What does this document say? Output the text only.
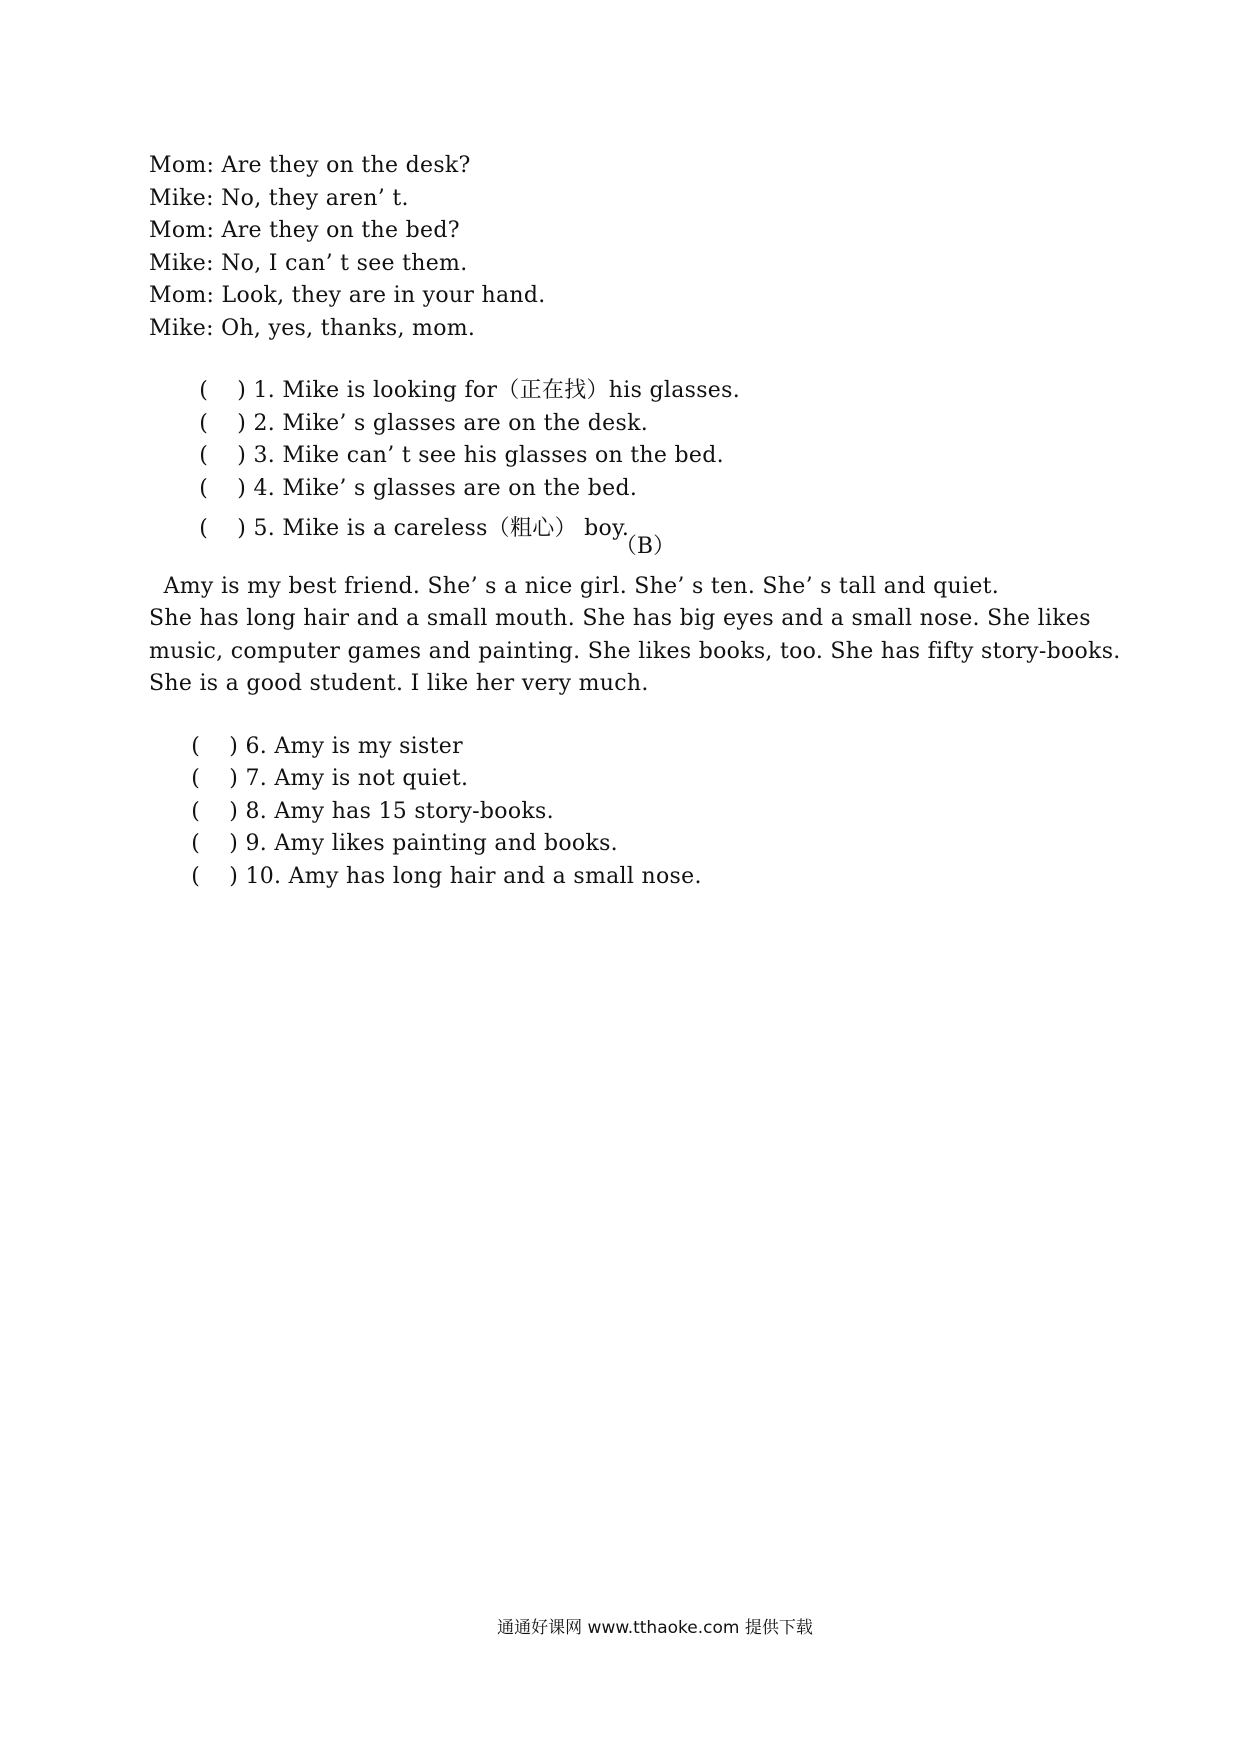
Mom: Are they on the desk?
Mike: No, they aren’ t.
Mom: Are they on the bed?
Mike: No, I can’ t see them.
Mom: Look, they are in your hand.
Mike: Oh, yes, thanks, mom.

(    ) 1. Mike is looking for（正在找）his glasses.

(    ) 2. Mike’ s glasses are on the desk.

(    ) 3. Mike can’ t see his glasses on the bed.

(    ) 4. Mike’ s glasses are on the bed.

(    ) 5. Mike is a careless（粗心） boy.

（B）
Amy is my best friend. She’ s a nice girl. She’ s ten. She’ s tall and quiet.
She has long hair and a small mouth. She has big eyes and a small nose. She likes
music, computer games and painting. She likes books, too. She has fifty story-books.
She is a good student. I like her very much.

(    ) 6. Amy is my sister

(    ) 7. Amy is not quiet.

(    ) 8. Amy has 15 story-books.

(    ) 9. Amy likes painting and books.

(    ) 10. Amy has long hair and a small nose.

通通好课网 www.tthaoke.com 提供下载
